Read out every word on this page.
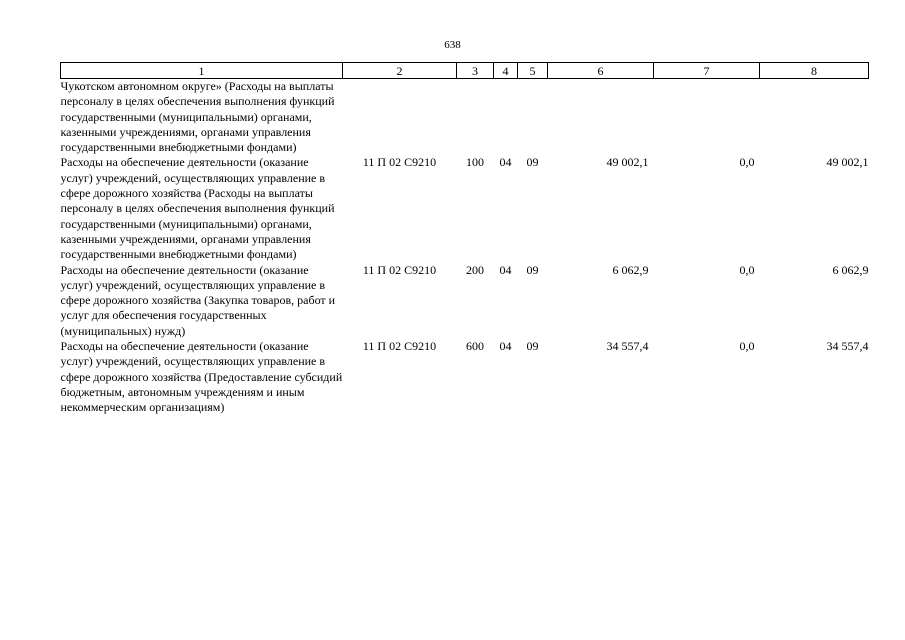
638
1	2	3	4	5	6	7	8
Чукотском автономном округе» (Расходы на выплаты персоналу в целях обеспечения выполнения функций государственными (муниципальными) органами, казенными учреждениями, органами управления государственными внебюджетными фондами)							
Расходы на обеспечение деятельности (оказание услуг) учреждений, осуществляющих управление в сфере дорожного хозяйства (Расходы на выплаты персоналу в целях обеспечения выполнения функций государственными (муниципальными) органами, казенными учреждениями, органами управления государственными внебюджетными фондами)	11 П 02 С9210	100	04	09	49 002,1	0,0	49 002,1
Расходы на обеспечение деятельности (оказание услуг) учреждений, осуществляющих управление в сфере дорожного хозяйства (Закупка товаров, работ и услуг для обеспечения государственных (муниципальных) нужд)	11 П 02 С9210	200	04	09	6 062,9	0,0	6 062,9
Расходы на обеспечение деятельности (оказание услуг) учреждений, осуществляющих управление в сфере дорожного хозяйства (Предоставление субсидий бюджетным, автономным учреждениям и иным некоммерческим организациям)	11 П 02 С9210	600	04	09	34 557,4	0,0	34 557,4
